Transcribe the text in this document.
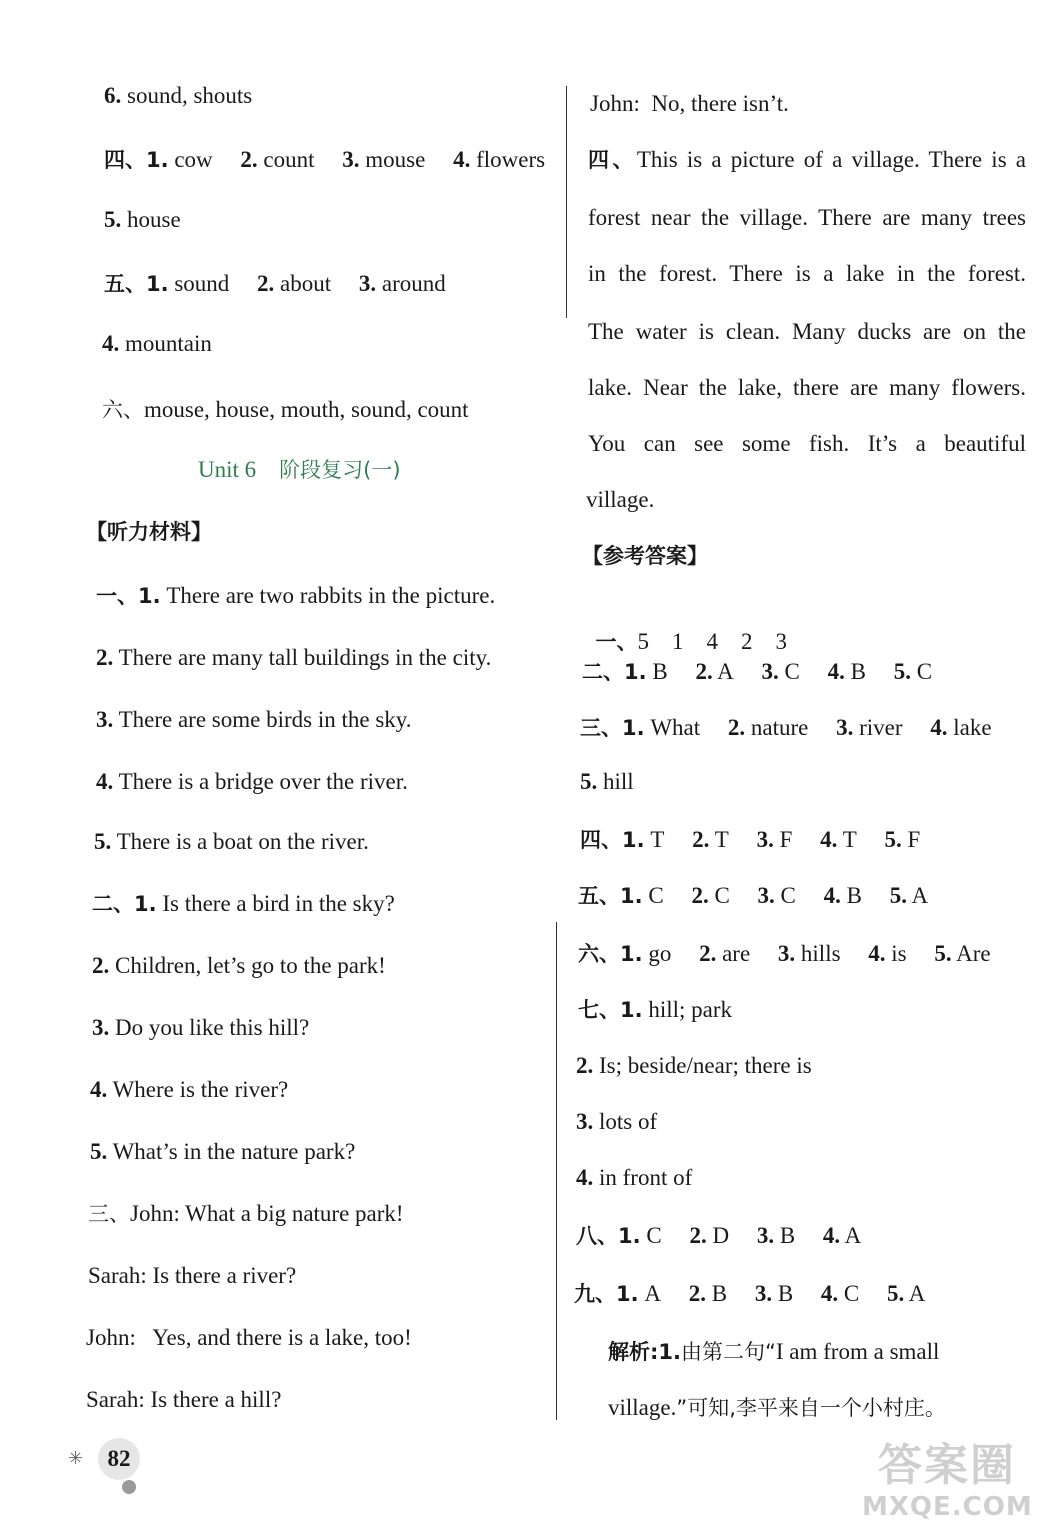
6. sound, shouts
四、1. cow 2. count 3. mouse 4. flowers
5. house
五、1. sound 2. about 3. around
4. mountain
六、mouse, house, mouth, sound, count
Unit 6 阶段复习(一)
【听力材料】
一、1. There are two rabbits in the picture.
2. There are many tall buildings in the city.
3. There are some birds in the sky.
4. There is a bridge over the river.
5. There is a boat on the river.
二、1. Is there a bird in the sky?
2. Children, let’s go to the park!
3. Do you like this hill?
4. Where is the river?
5. What’s in the nature park?
三、John: What a big nature park!
Sarah: Is there a river?
John:   Yes, and there is a lake, too!
Sarah: Is there a hill?
John:  No, there isn’t.
四、This is a picture of a village. There is a
forest near the village. There are many trees
in the forest. There is a lake in the forest.
The water is clean. Many ducks are on the
lake. Near the lake, there are many flowers.
You can see some fish. It’s a beautiful
village.
【参考答案】

一、5    1    4    2    3

二、1. B 2. A 3. C 4. B 5. C
三、1. What 2. nature 3. river 4. lake
5. hill
四、1. T 2. T 3. F 4. T 5. F
五、1. C 2. C 3. C 4. B 5. A
六、1. go 2. are 3. hills 4. is 5. Are
七、1. hill; park
2. Is; beside/near; there is
3. lots of
4. in front of
八、1. C 2. D 3. B 4. A
九、1. A 2. B 3. B 4. C 5. A
解析:1.由第二句“I am from a small
village.”可知,李平来自一个小村庄。
✳	82	答案圈
MXQE.COM
